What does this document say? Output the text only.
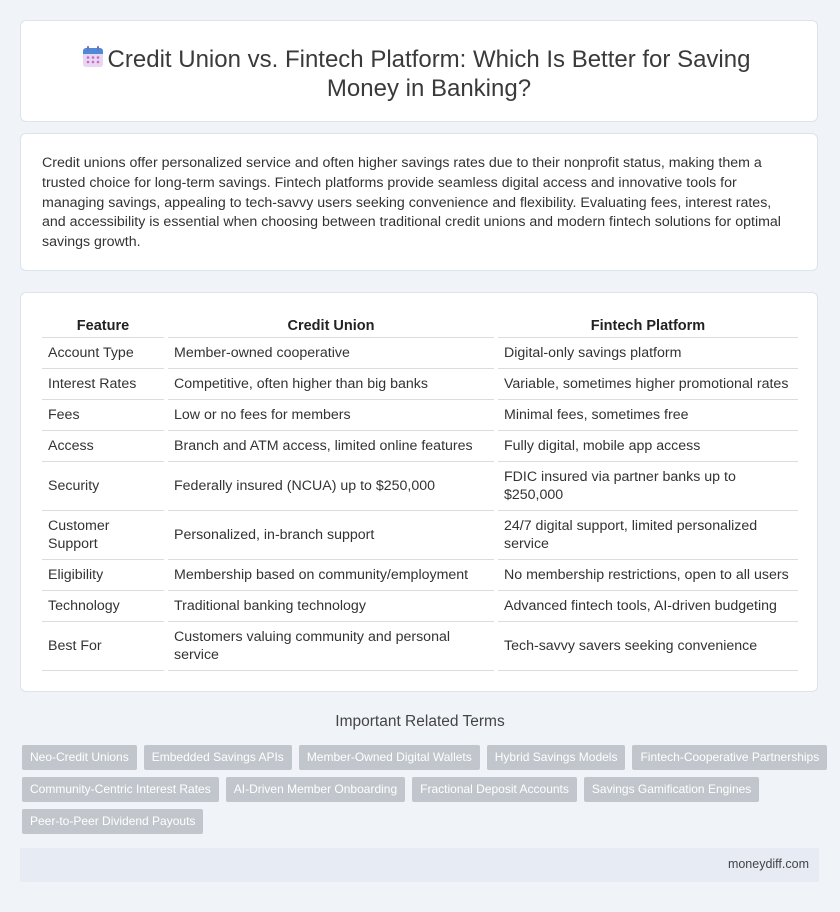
Credit Union vs. Fintech Platform: Which Is Better for Saving Money in Banking?

Credit unions offer personalized service and often higher savings rates due to their nonprofit status, making them a trusted choice for long-term savings. Fintech platforms provide seamless digital access and innovative tools for managing savings, appealing to tech-savvy users seeking convenience and flexibility. Evaluating fees, interest rates, and accessibility is essential when choosing between traditional credit unions and modern fintech solutions for optimal savings growth.

Feature		Credit Union		Fintech Platform
Account Type		Member-owned cooperative		Digital-only savings platform
Interest Rates		Competitive, often higher than big banks		Variable, sometimes higher promotional rates
Fees		Low or no fees for members		Minimal fees, sometimes free
Access		Branch and ATM access, limited online features		Fully digital, mobile app access
Security		Federally insured (NCUA) up to $250,000		FDIC insured via partner banks up to $250,000
Customer Support		Personalized, in-branch support		24/7 digital support, limited personalized service
Eligibility		Membership based on community/employment		No membership restrictions, open to all users
Technology		Traditional banking technology		Advanced fintech tools, AI-driven budgeting
Best For		Customers valuing community and personal service		Tech-savvy savers seeking convenience
Important Related Terms
Neo-Credit Unions	Embedded Savings APIs	Member-Owned Digital Wallets	Hybrid Savings Models	Fintech-Cooperative Partnerships
Community-Centric Interest Rates	AI-Driven Member Onboarding	Fractional Deposit Accounts	Savings Gamification Engines
Peer-to-Peer Dividend Payouts
moneydiff.com
